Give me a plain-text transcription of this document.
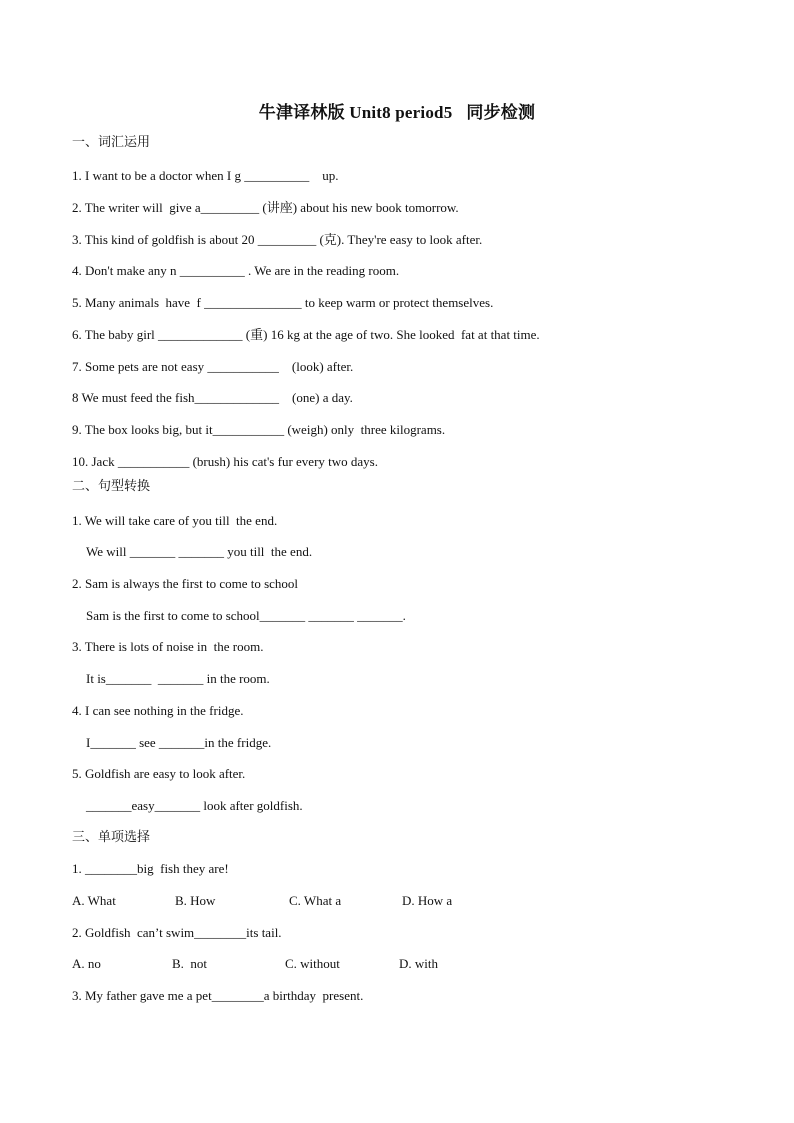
牛津译林版 Unit8 period5 同步检测
一、词汇运用
1. I want to be a doctor when I g __________    up.
2. The writer will  give a_________ (讲座) about his new book tomorrow.
3. This kind of goldfish is about 20 _________ (克). They're easy to look after.
4. Don't make any n __________ . We are in the reading room.
5. Many animals  have  f _______________ to keep warm or protect themselves.
6. The baby girl _____________ (重) 16 kg at the age of two. She looked  fat at that time.
7. Some pets are not easy ___________    (look) after.
8 We must feed the fish_____________    (one) a day.
9. The box looks big, but it___________ (weigh) only  three kilograms.
10. Jack ___________ (brush) his cat's fur every two days.
二、句型转换
1. We will take care of you till  the end.
We will _______ _______ you till  the end.
2. Sam is always the first to come to school
Sam is the first to come to school_______ _______ _______.
3. There is lots of noise in  the room.
It is_______  _______ in the room.
4. I can see nothing in the fridge.
I_______ see _______in the fridge.
5. Goldfish are easy to look after.
_______easy_______ look after goldfish.
三、单项选择
1. ________big  fish they are!
A. What	B. How	C. What a	D. How a
2. Goldfish  can’t swim________its tail.
A. no	B.  not	C. without	D. with
3. My father gave me a pet________a birthday  present.
